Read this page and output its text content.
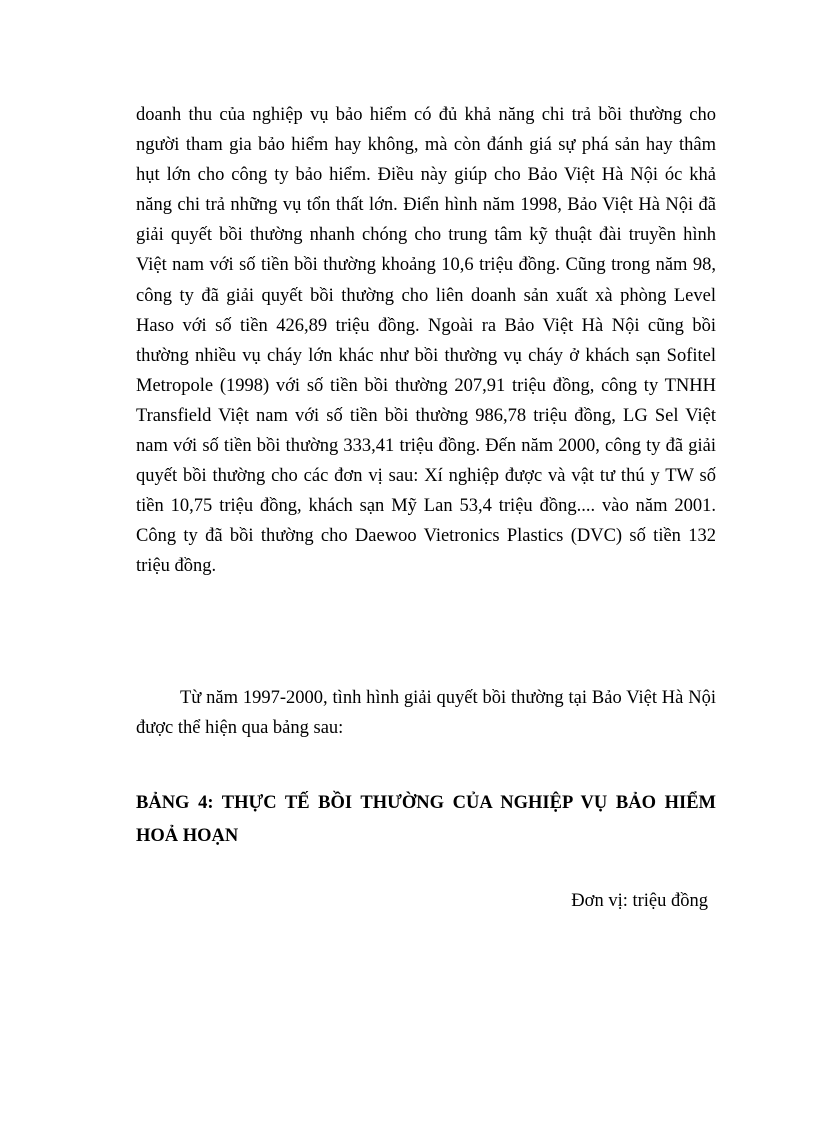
doanh thu của nghiệp vụ bảo hiểm có đủ khả năng chi trả bồi thường cho người tham gia bảo hiểm hay không, mà còn đánh giá sự phá sản hay thâm hụt lớn cho công ty bảo hiểm. Điều này giúp cho Bảo Việt Hà Nội óc khả năng chi trả những vụ tổn thất lớn. Điển hình năm 1998, Bảo Việt Hà Nội đã giải quyết bồi thường nhanh chóng cho trung tâm kỹ thuật đài truyền hình Việt nam với số tiền bồi thường khoảng 10,6 triệu đồng. Cũng trong năm 98, công ty đã giải quyết bồi thường cho liên doanh sản xuất xà phòng Level Haso với số tiền 426,89 triệu đồng. Ngoài ra Bảo Việt Hà Nội cũng bồi thường nhiều vụ cháy lớn khác như bồi thường vụ cháy ở khách sạn Sofitel Metropole (1998) với số tiền bồi thường 207,91 triệu đồng, công ty TNHH Transfield Việt nam với số tiền bồi thường 986,78 triệu đồng, LG Sel Việt nam với số tiền bồi thường 333,41 triệu đồng. Đến năm 2000, công ty đã giải quyết bồi thường cho các đơn vị sau: Xí nghiệp được và vật tư thú y TW số tiền 10,75 triệu đồng, khách sạn Mỹ Lan 53,4 triệu đồng.... vào năm 2001. Công ty đã bồi thường cho Daewoo Vietronics Plastics (DVC) số tiền 132 triệu đồng.

Từ năm 1997-2000, tình hình giải quyết bồi thường tại Bảo Việt Hà Nội được thể hiện qua bảng sau:

BẢNG 4: THỰC TẾ BỒI THƯỜNG CỦA NGHIỆP VỤ BẢO HIỂM HOẢ HOẠN

Đơn vị: triệu đồng
